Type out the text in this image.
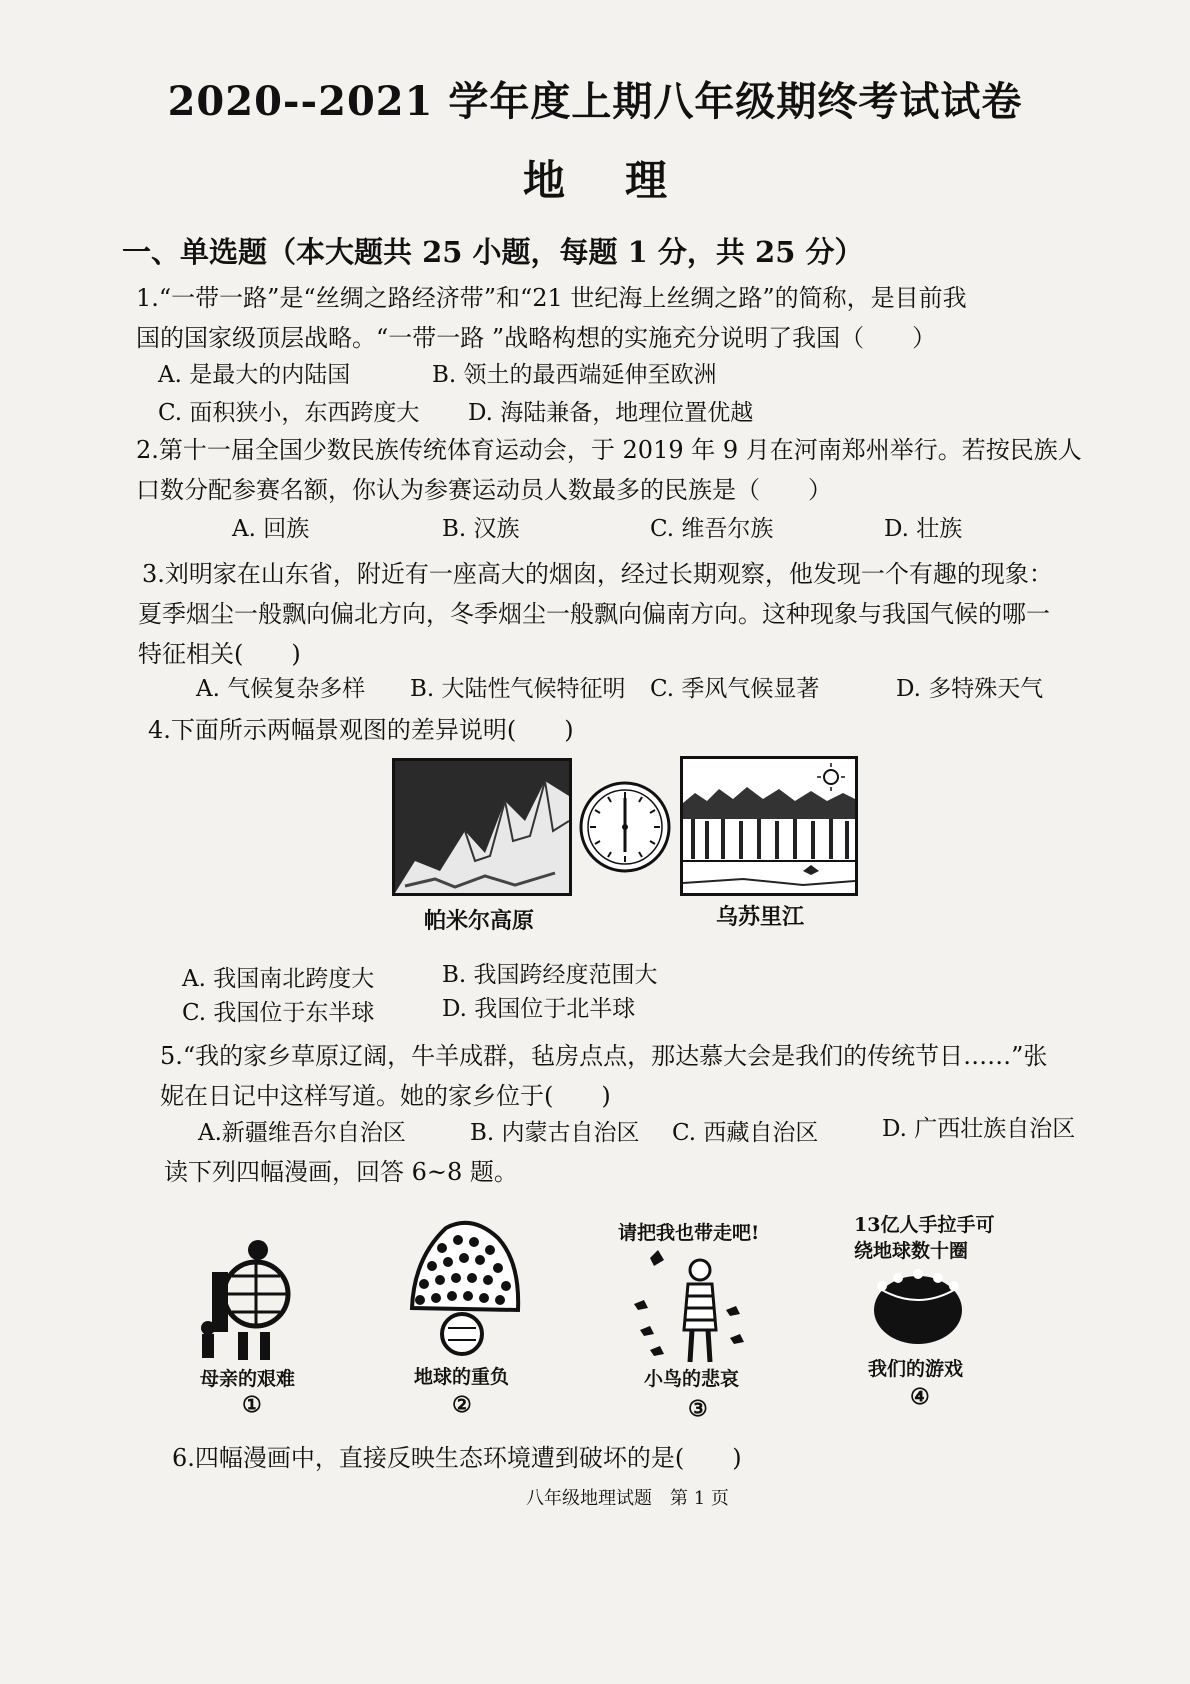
2020--2021 学年度上期八年级期终考试试卷
地理
一、单选题（本大题共 25 小题，每题 1 分，共 25 分）
1.“一带一路”是“丝绸之路经济带”和“21 世纪海上丝绸之路”的简称，是目前我
国的国家级顶层战略。“一带一路 ”战略构想的实施充分说明了我国（　　）
A. 是最大的内陆国	B. 领土的最西端延伸至欧洲
C. 面积狭小，东西跨度大 D. 海陆兼备，地理位置优越
2.第十一届全国少数民族传统体育运动会，于 2019 年 9 月在河南郑州举行。若按民族人
口数分配参赛名额，你认为参赛运动员人数最多的民族是（　　）
A. 回族	B. 汉族	C. 维吾尔族	D. 壮族
3.刘明家在山东省，附近有一座高大的烟囱，经过长期观察，他发现一个有趣的现象：
夏季烟尘一般飘向偏北方向，冬季烟尘一般飘向偏南方向。这种现象与我国气候的哪一
特征相关(　　)
A. 气候复杂多样 B. 大陆性气候特征明 C. 季风气候显著	D. 多特殊天气
4.下面所示两幅景观图的差异说明(　　)
帕米尔高原	乌苏里江
A. 我国南北跨度大	B. 我国跨经度范围大
C. 我国位于东半球	D. 我国位于北半球
5.“我的家乡草原辽阔，牛羊成群，毡房点点，那达慕大会是我们的传统节日……”张
妮在日记中这样写道。她的家乡位于(　　)
A.新疆维吾尔自治区	B. 内蒙古自治区 C. 西藏自治区	D. 广西壮族自治区
读下列四幅漫画，回答 6~8 题。
母亲的艰难
①
地球的重负
②
请把我也带走吧!
小鸟的悲哀
③
13亿人手拉手可
绕地球数十圈
我们的游戏
④
6.四幅漫画中，直接反映生态环境遭到破坏的是(　　)
八年级地理试题　第 1 页
